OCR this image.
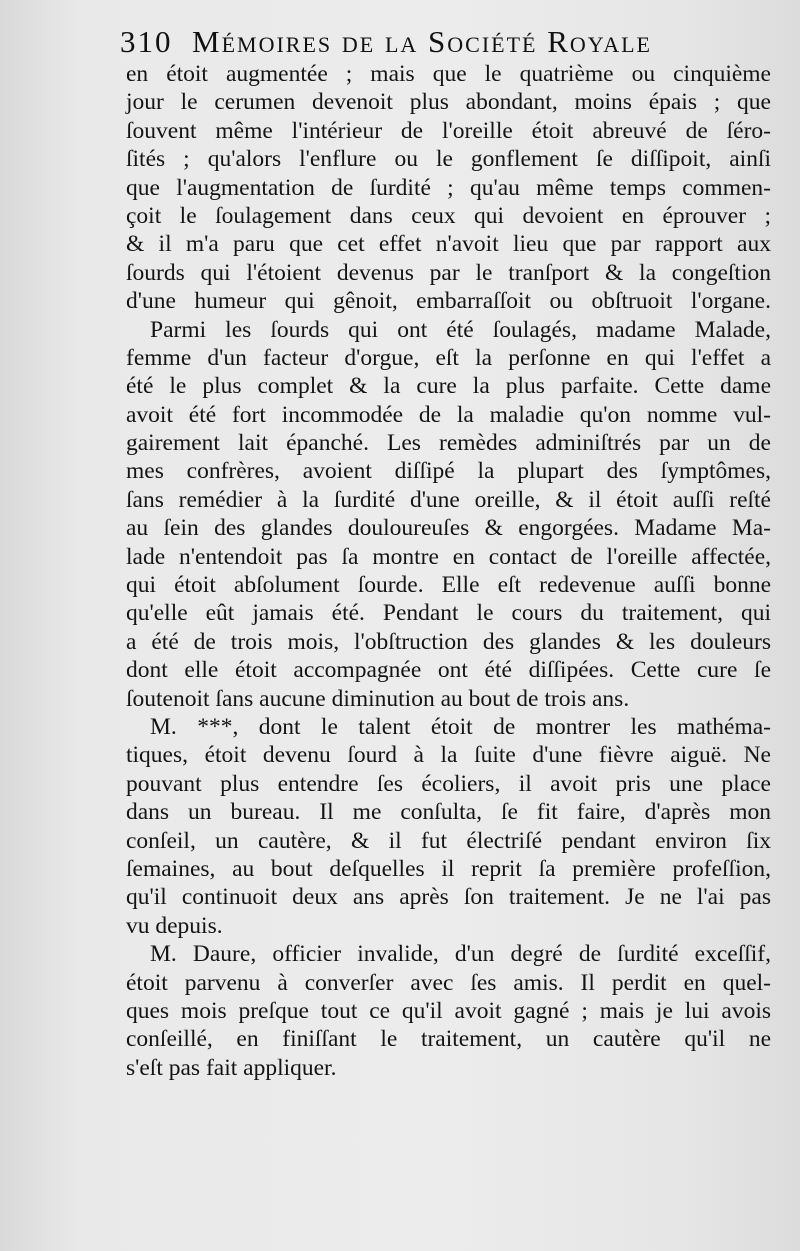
310 Mémoires de la Société Royale
en étoit augmentée ; mais que le quatrième ou cinquième
jour le cerumen devenoit plus abondant, moins épais ; que
ſouvent même l'intérieur de l'oreille étoit abreuvé de ſéro-
ſités ; qu'alors l'enflure ou le gonflement ſe diſſipoit, ainſi
que l'augmentation de ſurdité ; qu'au même temps commen-
çoit le ſoulagement dans ceux qui devoient en éprouver ;
& il m'a paru que cet effet n'avoit lieu que par rapport aux
ſourds qui l'étoient devenus par le tranſport & la congeſtion
d'une humeur qui gênoit, embarraſſoit ou obſtruoit l'organe.
Parmi les ſourds qui ont été ſoulagés, madame Malade,
femme d'un facteur d'orgue, eſt la perſonne en qui l'effet a
été le plus complet & la cure la plus parfaite. Cette dame
avoit été fort incommodée de la maladie qu'on nomme vul-
gairement lait épanché. Les remèdes adminiſtrés par un de
mes confrères, avoient diſſipé la plupart des ſymptômes,
ſans remédier à la ſurdité d'une oreille, & il étoit auſſi reſté
au ſein des glandes douloureuſes & engorgées. Madame Ma-
lade n'entendoit pas ſa montre en contact de l'oreille affectée,
qui étoit abſolument ſourde. Elle eſt redevenue auſſi bonne
qu'elle eût jamais été. Pendant le cours du traitement, qui
a été de trois mois, l'obſtruction des glandes & les douleurs
dont elle étoit accompagnée ont été diſſipées. Cette cure ſe
ſoutenoit ſans aucune diminution au bout de trois ans.
M. ***, dont le talent étoit de montrer les mathéma-
tiques, étoit devenu ſourd à la ſuite d'une fièvre aiguë. Ne
pouvant plus entendre ſes écoliers, il avoit pris une place
dans un bureau. Il me conſulta, ſe fit faire, d'après mon
conſeil, un cautère, & il fut électriſé pendant environ ſix
ſemaines, au bout deſquelles il reprit ſa première profeſſion,
qu'il continuoit deux ans après ſon traitement. Je ne l'ai pas
vu depuis.
M. Daure, officier invalide, d'un degré de ſurdité exceſſif,
étoit parvenu à converſer avec ſes amis. Il perdit en quel-
ques mois preſque tout ce qu'il avoit gagné ; mais je lui avois
conſeillé, en finiſſant le traitement, un cautère qu'il ne
s'eſt pas fait appliquer.
